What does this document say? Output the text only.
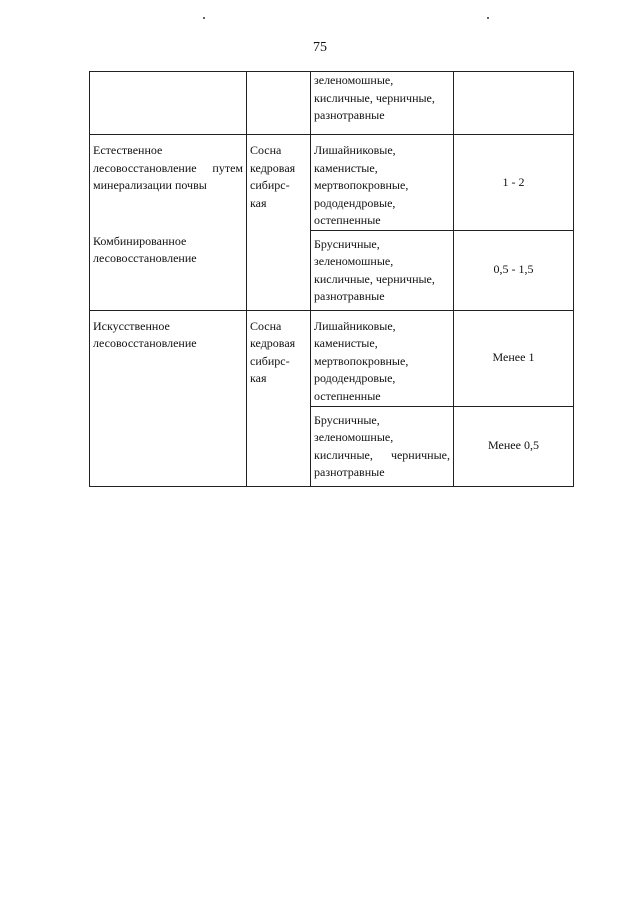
75

		зеленомошные,
кисличные, черничные,
разнотравные	

Естественное
лесовосстановление путем
минерализации почвы
Комбинированное
лесовосстановление	Сосна
кедровая
сибирс-
кая	Лишайниковые,
каменистые,
мертвопокровные,
рододендровые,
остепненные	1 - 2

		Брусничные,
зеленомошные,
кисличные, черничные,
разнотравные	0,5 - 1,5

Искусственное
лесовосстановление	Сосна
кедровая
сибирс-
кая	Лишайниковые,
каменистые,
мертвопокровные,
рододендровые,
остепненные	Менее 1

		Брусничные,
зеленомошные,
кисличные, черничные,
разнотравные	Менее 0,5
